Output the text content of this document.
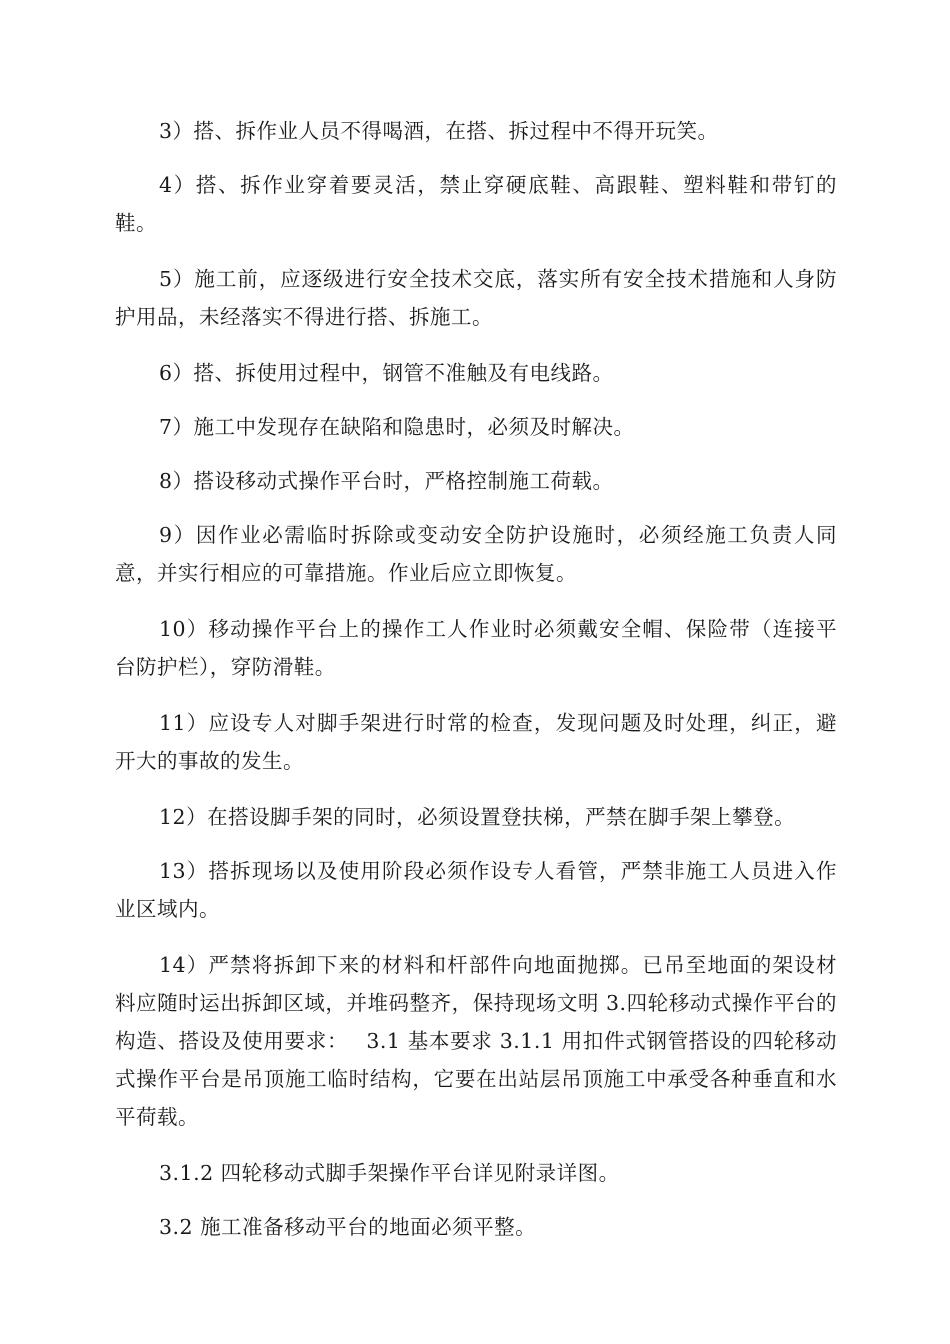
3）搭、拆作业人员不得喝酒，在搭、拆过程中不得开玩笑。

4）搭、拆作业穿着要灵活，禁止穿硬底鞋、高跟鞋、塑料鞋和带钉的鞋。

5）施工前，应逐级进行安全技术交底，落实所有安全技术措施和人身防护用品，未经落实不得进行搭、拆施工。

6）搭、拆使用过程中，钢管不准触及有电线路。

7）施工中发现存在缺陷和隐患时，必须及时解决。

8）搭设移动式操作平台时，严格控制施工荷载。

9）因作业必需临时拆除或变动安全防护设施时，必须经施工负责人同意，并实行相应的可靠措施。作业后应立即恢复。

10）移动操作平台上的操作工人作业时必须戴安全帽、保险带（连接平台防护栏），穿防滑鞋。

11）应设专人对脚手架进行时常的检查，发现问题及时处理，纠正，避开大的事故的发生。

12）在搭设脚手架的同时，必须设置登扶梯，严禁在脚手架上攀登。

13）搭拆现场以及使用阶段必须作设专人看管，严禁非施工人员进入作业区域内。

14）严禁将拆卸下来的材料和杆部件向地面抛掷。已吊至地面的架设材料应随时运出拆卸区域，并堆码整齐，保持现场文明 3.四轮移动式操作平台的构造、搭设及使用要求：　 3.1 基本要求 3.1.1 用扣件式钢管搭设的四轮移动式操作平台是吊顶施工临时结构，它要在出站层吊顶施工中承受各种垂直和水平荷载。

3.1.2 四轮移动式脚手架操作平台详见附录详图。

3.2 施工准备移动平台的地面必须平整。
